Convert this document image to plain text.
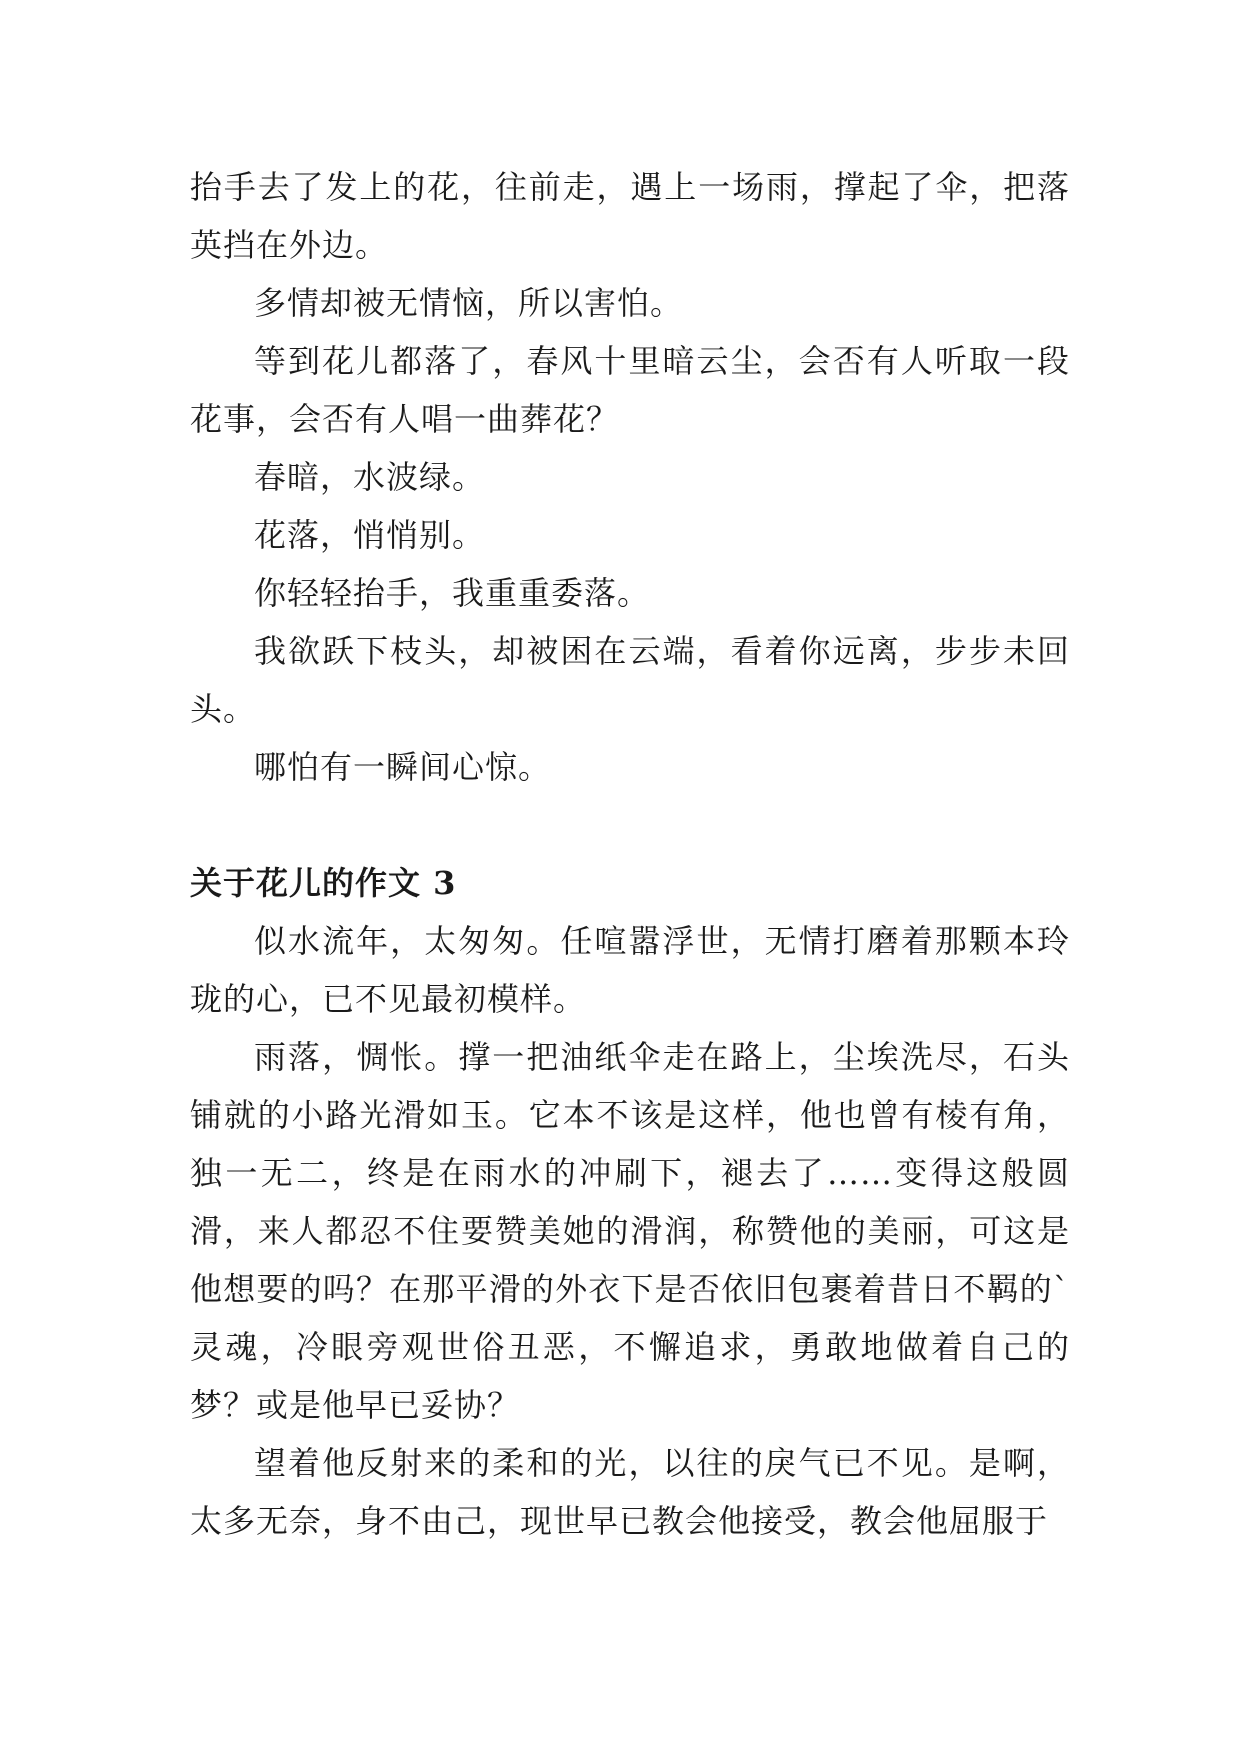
抬手去了发上的花，往前走，遇上一场雨，撑起了伞，把落英挡在外边。

多情却被无情恼，所以害怕。

等到花儿都落了，春风十里暗云尘，会否有人听取一段花事，会否有人唱一曲葬花？

春暗，水波绿。

花落，悄悄别。

你轻轻抬手，我重重委落。

我欲跃下枝头，却被困在云端，看着你远离，步步未回头。

哪怕有一瞬间心惊。

关于花儿的作文 3

似水流年，太匆匆。任喧嚣浮世，无情打磨着那颗本玲珑的心，已不见最初模样。

雨落，惆怅。撑一把油纸伞走在路上，尘埃洗尽，石头铺就的小路光滑如玉。它本不该是这样，他也曾有棱有角，独一无二，终是在雨水的冲刷下，褪去了……变得这般圆滑，来人都忍不住要赞美她的滑润，称赞他的美丽，可这是他想要的吗？在那平滑的外衣下是否依旧包裹着昔日不羁的`灵魂，冷眼旁观世俗丑恶，不懈追求，勇敢地做着自己的梦？或是他早已妥协？

望着他反射来的柔和的光，以往的戾气已不见。是啊，太多无奈，身不由己，现世早已教会他接受，教会他屈服于
